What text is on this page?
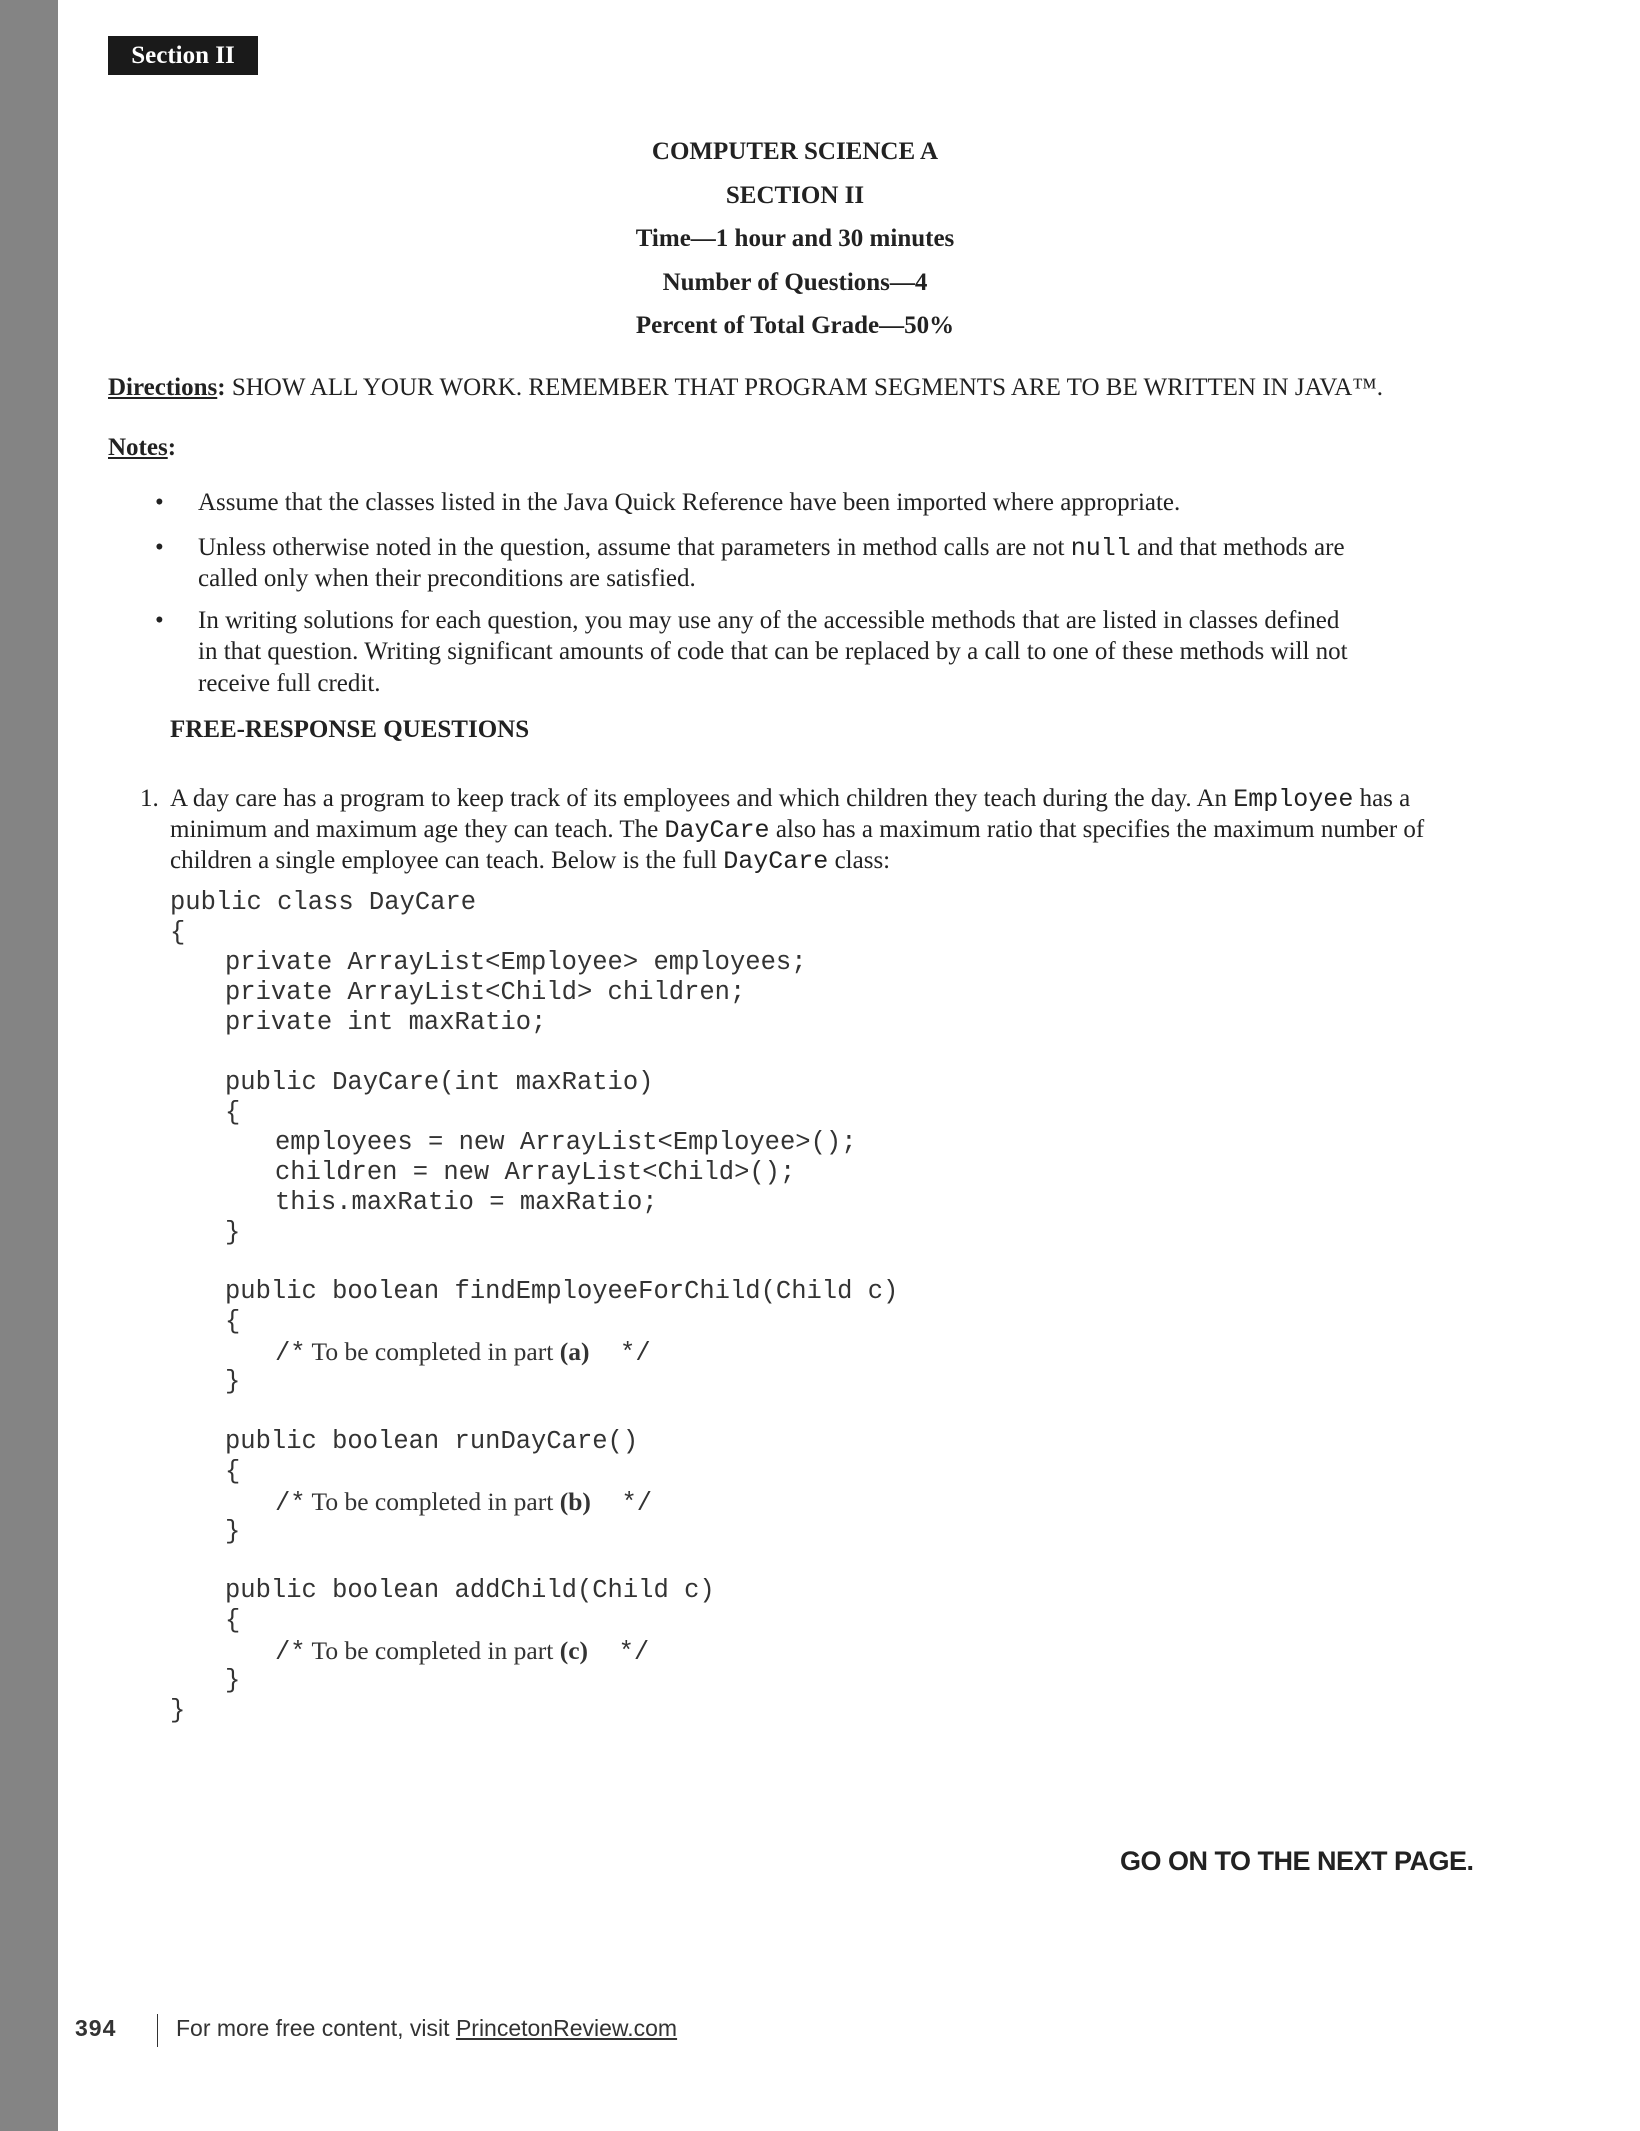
Section II
COMPUTER SCIENCE A
SECTION II
Time—1 hour and 30 minutes
Number of Questions—4
Percent of Total Grade—50%
Directions: SHOW ALL YOUR WORK. REMEMBER THAT PROGRAM SEGMENTS ARE TO BE WRITTEN IN JAVA™.
Notes:
• Assume that the classes listed in the Java Quick Reference have been imported where appropriate.
• Unless otherwise noted in the question, assume that parameters in method calls are not null and that methods are
called only when their preconditions are satisfied.
• In writing solutions for each question, you may use any of the accessible methods that are listed in classes defined
in that question. Writing significant amounts of code that can be replaced by a call to one of these methods will not
receive full credit.
FREE-RESPONSE QUESTIONS
1. A day care has a program to keep track of its employees and which children they teach during the day. An Employee has a
minimum and maximum age they can teach. The DayCare also has a maximum ratio that specifies the maximum number of
children a single employee can teach. Below is the full DayCare class:
public class DayCare
{
private ArrayList<Employee> employees;
private ArrayList<Child> children;
private int maxRatio;
public DayCare(int maxRatio)
{
employees = new ArrayList<Employee>();
children = new ArrayList<Child>();
this.maxRatio = maxRatio;
}
public boolean findEmployeeForChild(Child c)
{
/* To be completed in part (a) */
}
public boolean runDayCare()
{
/* To be completed in part (b) */
}
public boolean addChild(Child c)
{
/* To be completed in part (c) */
}
}
GO ON TO THE NEXT PAGE.
394	For more free content, visit PrincetonReview.com
